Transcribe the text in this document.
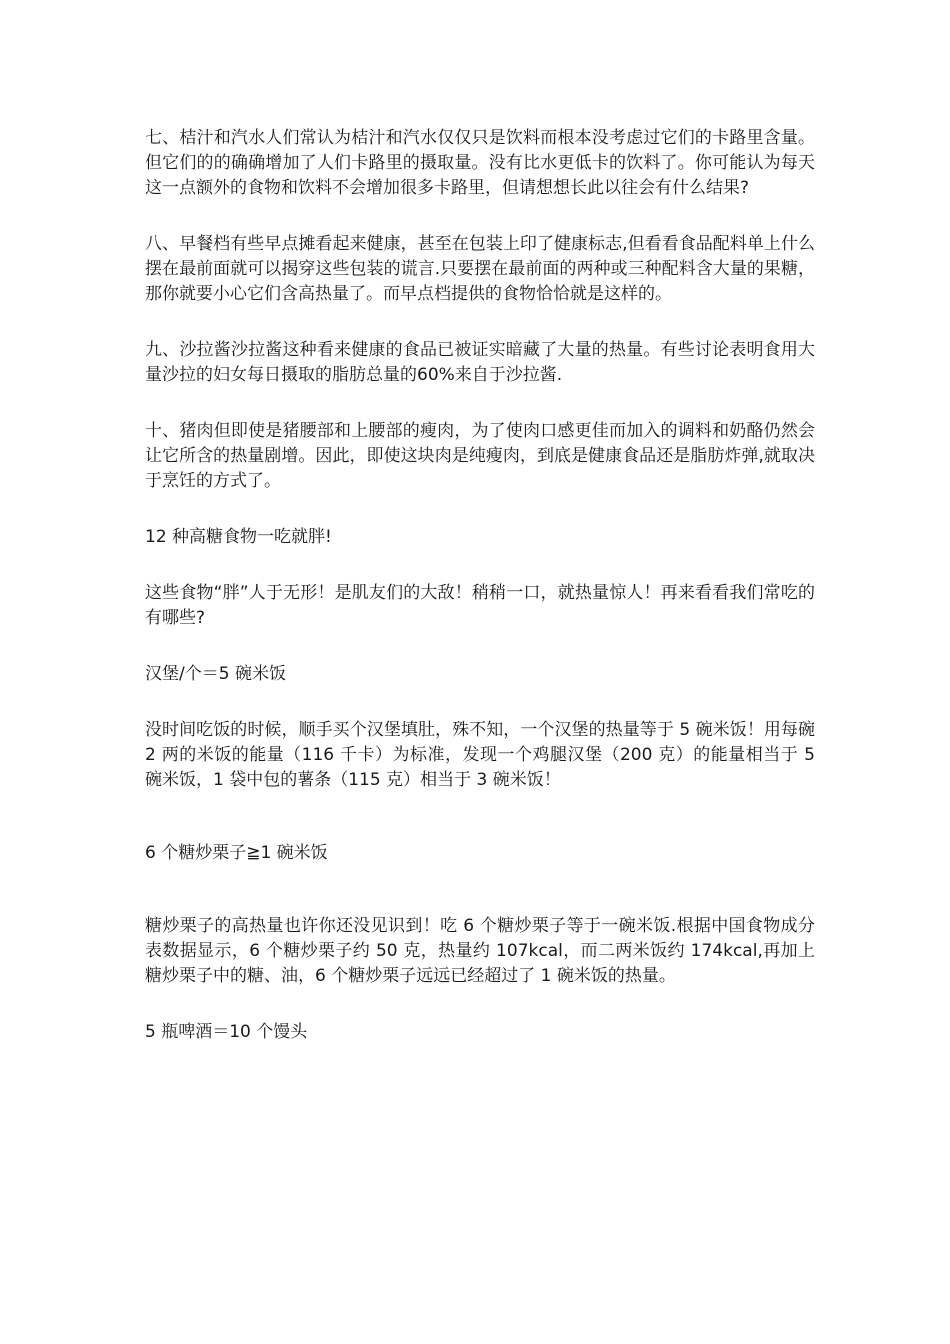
七、桔汁和汽水人们常认为桔汁和汽水仅仅只是饮料而根本没考虑过它们的卡路里含量。但它们的的确确增加了人们卡路里的摄取量。没有比水更低卡的饮料了。你可能认为每天这一点额外的食物和饮料不会增加很多卡路里，但请想想长此以往会有什么结果?

八、早餐档有些早点摊看起来健康，甚至在包装上印了健康标志,但看看食品配料单上什么摆在最前面就可以揭穿这些包装的谎言.只要摆在最前面的两种或三种配料含大量的果糖，那你就要小心它们含高热量了。而早点档提供的食物恰恰就是这样的。

九、沙拉酱沙拉酱这种看来健康的食品已被证实暗藏了大量的热量。有些讨论表明食用大量沙拉的妇女每日摄取的脂肪总量的60%来自于沙拉酱.

十、猪肉但即使是猪腰部和上腰部的瘦肉，为了使肉口感更佳而加入的调料和奶酪仍然会让它所含的热量剧增。因此，即使这块肉是纯瘦肉，到底是健康食品还是脂肪炸弹,就取决于烹饪的方式了。

12 种高糖食物一吃就胖!

这些食物“胖”人于无形！是肌友们的大敌！稍稍一口，就热量惊人！再来看看我们常吃的有哪些?

汉堡/个＝5 碗米饭

没时间吃饭的时候，顺手买个汉堡填肚，殊不知，一个汉堡的热量等于 5 碗米饭！用每碗 2 两的米饭的能量（116 千卡）为标准，发现一个鸡腿汉堡（200 克）的能量相当于 5 碗米饭，1 袋中包的薯条（115 克）相当于 3 碗米饭！

6 个糖炒栗子≧1 碗米饭

糖炒栗子的高热量也许你还没见识到！吃 6 个糖炒栗子等于一碗米饭.根据中国食物成分表数据显示，6 个糖炒栗子约 50 克，热量约 107kcal，而二两米饭约 174kcal,再加上糖炒栗子中的糖、油，6 个糖炒栗子远远已经超过了 1 碗米饭的热量。

5 瓶啤酒＝10 个馒头
